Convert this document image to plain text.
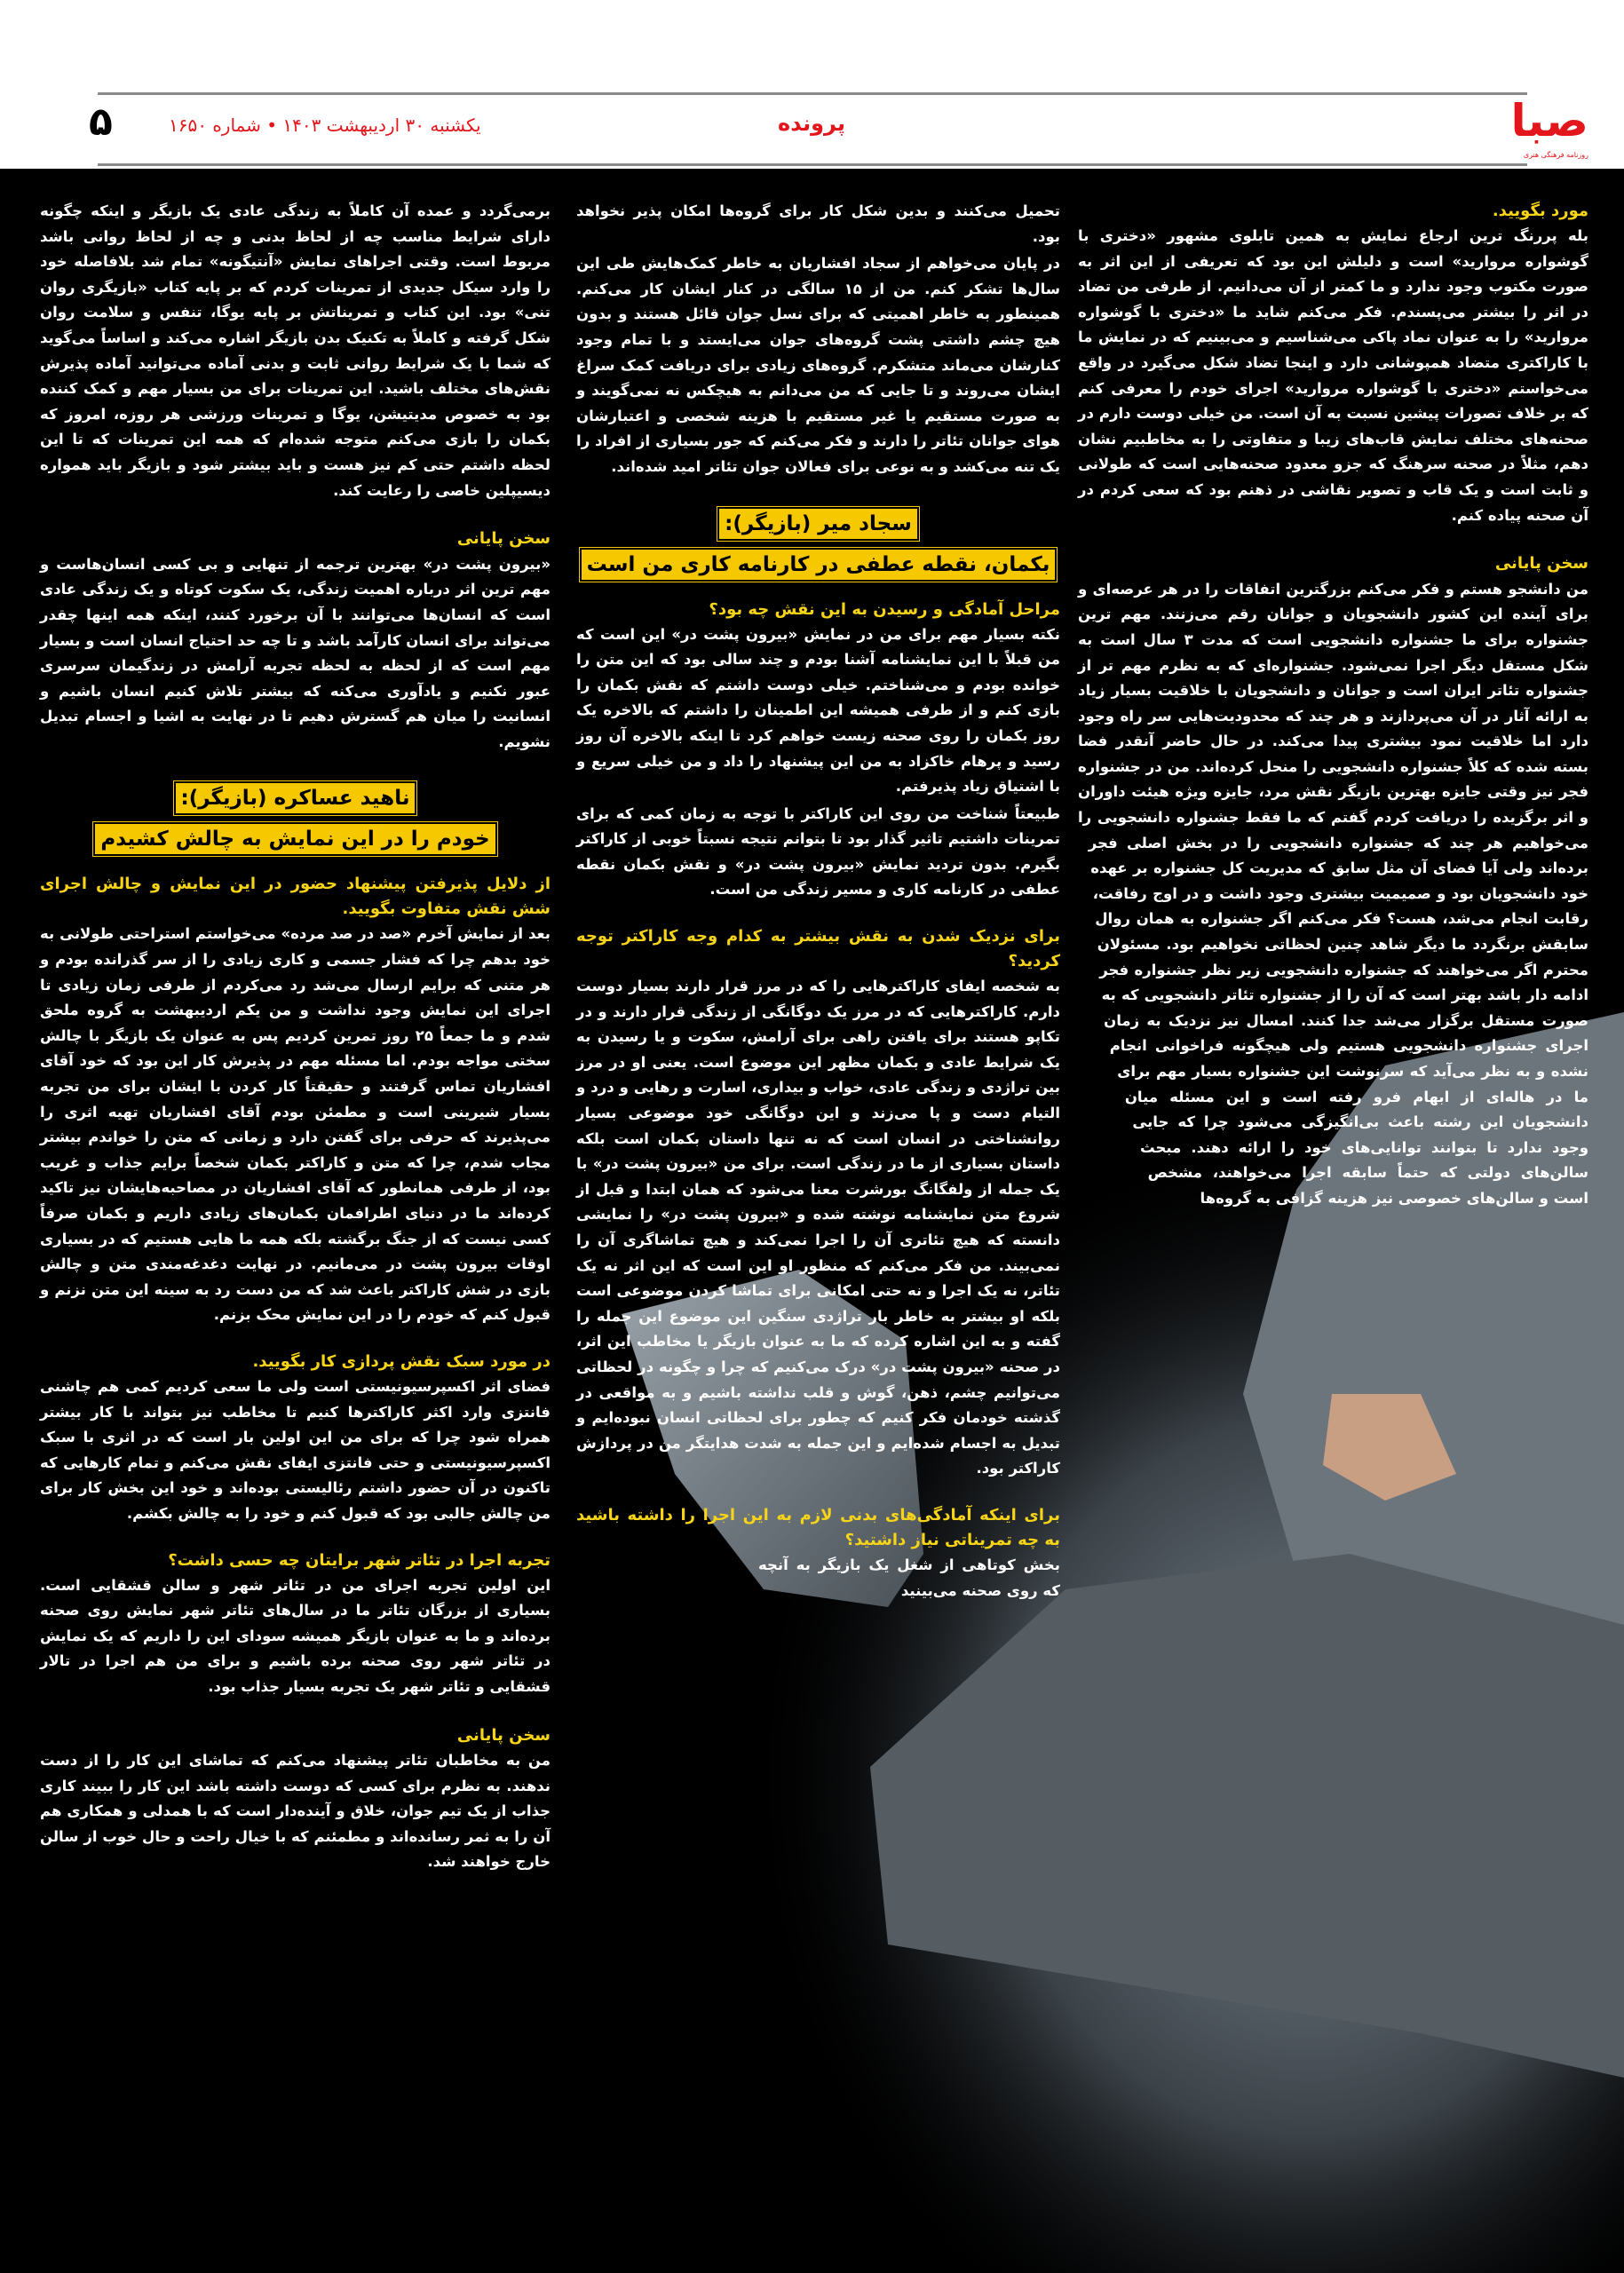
صبا
روزنامه فرهنگی هنری
پرونده
یکشنبه ۳۰ اردیبهشت ۱۴۰۳ • شماره ۱۶۵۰
۵
مورد بگویید.

بله پررنگ ترین ارجاع نمایش به همین تابلوی مشهور «دختری با گوشواره مروارید» است و دلیلش این بود که تعریفی از این اثر به صورت مکتوب وجود ندارد و ما کمتر از آن می‌دانیم. از طرفی من تضاد در اثر را بیشتر می‌پسندم. فکر می‌کنم شاید ما «دختری با گوشواره مروارید» را به عنوان نماد پاکی می‌شناسیم و می‌بینیم که در نمایش ما با کاراکتری متضاد همپوشانی دارد و اینجا تضاد شکل می‌گیرد در واقع می‌خواستم «دختری با گوشواره مروارید» اجرای خودم را معرفی کنم که بر خلاف تصورات پیشین نسبت به آن است. من خیلی دوست دارم در صحنه‌های مختلف نمایش قاب‌های زیبا و متفاوتی را به مخاطبیم نشان دهم، مثلاً در صحنه سرهنگ که جزو معدود صحنه‌هایی است که طولانی و ثابت است و یک قاب و تصویر نقاشی در ذهنم بود که سعی کردم در آن صحنه پیاده کنم.

سخن پایانی

من دانشجو هستم و فکر می‌کنم بزرگترین اتفاقات را در هر عرصه‌ای و برای آینده این کشور دانشجویان و جوانان رقم می‌زنند. مهم ترین جشنواره برای ما جشنواره دانشجویی است که مدت ۳ سال است به شکل مستقل دیگر اجرا نمی‌شود. جشنواره‌ای که به نظرم مهم تر از جشنواره تئاتر ایران است و جوانان و دانشجویان با خلاقیت بسیار زیاد به ارائه آثار در آن می‌پردازند و هر چند که محدودیت‌هایی سر راه وجود دارد اما خلاقیت نمود بیشتری پیدا می‌کند. در حال حاضر آنقدر فضا بسته شده که کلاً جشنواره دانشجویی را منحل کرده‌اند. من در جشنواره فجر نیز وقتی جایزه بهترین بازیگر نقش مرد، جایزه ویژه هیئت داوران و اثر برگزیده را دریافت کردم گفتم که ما فقط جشنواره دانشجویی را می‌خواهیم هر چند که جشنواره دانشجویی را در بخش اصلی فجر برده‌اند ولی آیا فضای آن مثل سابق که مدیریت کل جشنواره بر عهده خود دانشجویان بود و صمیمیت بیشتری وجود داشت و در اوج رفاقت، رقابت انجام می‌شد، هست؟ فکر می‌کنم اگر جشنواره به همان روال سابقش برنگردد ما دیگر شاهد چنین لحظاتی نخواهیم بود. مسئولان محترم اگر می‌خواهند که جشنواره دانشجویی زیر نظر جشنواره فجر ادامه دار باشد بهتر است که آن را از جشنواره تئاتر دانشجویی که به صورت مستقل برگزار می‌شد جدا کنند. امسال نیز نزدیک به زمان اجرای جشنواره دانشجویی هستیم ولی هیچگونه فراخوانی انجام نشده و به نظر می‌آید که سرنوشت این جشنواره بسیار مهم برای ما در هاله‌ای از ابهام فرو رفته است و این مسئله میان دانشجویان این رشته باعث بی‌انگیزگی می‌شود چرا که جایی وجود ندارد تا بتوانند توانایی‌های خود را ارائه دهند. مبحث سالن‌های دولتی که حتماً سابقه اجرا می‌خواهند، مشخص است و سالن‌های خصوصی نیز هزینه گزافی به گروه‌ها

تحمیل می‌کنند و بدین شکل کار برای گروه‌ها امکان پذیر نخواهد بود.

در پایان می‌خواهم از سجاد افشاریان به خاطر کمک‌هایش طی این سال‌ها تشکر کنم. من از ۱۵ سالگی در کنار ایشان کار می‌کنم. همینطور به خاطر اهمیتی که برای نسل جوان قائل هستند و بدون هیچ چشم داشتی پشت گروه‌های جوان می‌ایستد و با تمام وجود کنارشان می‌ماند متشکرم. گروه‌های زیادی برای دریافت کمک سراغ ایشان می‌روند و تا جایی که من می‌دانم به هیچکس نه نمی‌گویند و به صورت مستقیم یا غیر مستقیم با هزینه شخصی و اعتبارشان هوای جوانان تئاتر را دارند و فکر می‌کنم که جور بسیاری از افراد را یک تنه می‌کشد و به نوعی برای فعالان جوان تئاتر امید شده‌اند.

سجاد میر (بازیگر):
بکمان، نقطه عطفی در کارنامه کاری من است
مراحل آمادگی و رسیدن به این نقش چه بود؟

نکته بسیار مهم برای من در نمایش «بیرون پشت در» این است که من قبلاً با این نمایشنامه آشنا بودم و چند سالی بود که این متن را خوانده بودم و می‌شناختم. خیلی دوست داشتم که نقش بکمان را بازی کنم و از طرفی همیشه این اطمینان را داشتم که بالاخره یک روز بکمان را روی صحنه زیست خواهم کرد تا اینکه بالاخره آن روز رسید و پرهام خاکزاد به من این پیشنهاد را داد و من خیلی سریع و با اشتیاق زیاد پذیرفتم.

طبیعتاً شناخت من روی این کاراکتر با توجه به زمان کمی که برای تمرینات داشتیم تاثیر گذار بود تا بتوانم نتیجه نسبتاً خوبی از کاراکتر بگیرم. بدون تردید نمایش «بیرون پشت در» و نقش بکمان نقطه عطفی در کارنامه کاری و مسیر زندگی من است.

برای نزدیک شدن به نقش بیشتر به کدام وجه کاراکتر توجه کردید؟

به شخصه ایفای کاراکترهایی را که در مرز قرار دارند بسیار دوست دارم. کاراکترهایی که در مرز یک دوگانگی از زندگی قرار دارند و در تکاپو هستند برای یافتن راهی برای آرامش، سکوت و یا رسیدن به یک شرایط عادی و بکمان مظهر این موضوع است. یعنی او در مرز بین تراژدی و زندگی عادی، خواب و بیداری، اسارت و رهایی و درد و التیام دست و پا می‌زند و این دوگانگی خود موضوعی بسیار روانشناختی در انسان است که نه تنها داستان بکمان است بلکه داستان بسیاری از ما در زندگی است. برای من «بیرون پشت در» با یک جمله از ولفگانگ بورشرت معنا می‌شود که همان ابتدا و قبل از شروع متن نمایشنامه نوشته شده و «بیرون پشت در» را نمایشی دانسته که هیچ تئاتری آن را اجرا نمی‌کند و هیچ تماشاگری آن را نمی‌بیند. من فکر می‌کنم که منظور او این است که این اثر نه یک تئاتر، نه یک اجرا و نه حتی امکانی برای تماشا کردن موضوعی است بلکه او بیشتر به خاطر بار تراژدی سنگین این موضوع این جمله را گفته و به این اشاره کرده که ما به عنوان بازیگر یا مخاطب این اثر، در صحنه «بیرون پشت در» درک می‌کنیم که چرا و چگونه در لحظاتی می‌توانیم چشم، ذهن، گوش و قلب نداشته باشیم و به مواقعی در گذشته خودمان فکر کنیم که چطور برای لحظاتی انسان نبوده‌ایم و تبدیل به اجسام شده‌ایم و این جمله به شدت هدایتگر من در پردازش کاراکتر بود.

برای اینکه آمادگی‌های بدنی لازم به این اجرا را داشته باشید به چه تمریناتی نیاز داشتید؟

بخش کوتاهی از شغل یک بازیگر به آنچه که روی صحنه می‌بینید

برمی‌گردد و عمده آن کاملاً به زندگی عادی یک بازیگر و اینکه چگونه دارای شرایط مناسب چه از لحاظ بدنی و چه از لحاظ روانی باشد مربوط است. وقتی اجراهای نمایش «آنتیگونه» تمام شد بلافاصله خود را وارد سیکل جدیدی از تمرینات کردم که بر پایه کتاب «بازیگری روان تنی» بود. این کتاب و تمریناتش بر پایه یوگا، تنفس و سلامت روان شکل گرفته و کاملاً به تکنیک بدن بازیگر اشاره می‌کند و اساساً می‌گوید که شما با یک شرایط روانی ثابت و بدنی آماده می‌توانید آماده پذیرش نقش‌های مختلف باشید. این تمرینات برای من بسیار مهم و کمک کننده بود به خصوص مدیتیشن، یوگا و تمرینات ورزشی هر روزه، امروز که بکمان را بازی می‌کنم متوجه شده‌ام که همه این تمرینات که تا این لحظه داشتم حتی کم نیز هست و باید بیشتر شود و بازیگر باید همواره دیسیپلین خاصی را رعایت کند.

سخن پایانی

«بیرون پشت در» بهترین ترجمه از تنهایی و بی کسی انسان‌هاست و مهم ترین اثر درباره اهمیت زندگی، یک سکوت کوتاه و یک زندگی عادی است که انسان‌ها می‌توانند با آن برخورد کنند، اینکه همه اینها چقدر می‌تواند برای انسان کارآمد باشد و تا چه حد احتیاج انسان است و بسیار مهم است که از لحظه به لحظه تجربه آرامش در زندگیمان سرسری عبور نکنیم و یادآوری می‌کنه که بیشتر تلاش کنیم انسان باشیم و انسانیت را میان هم گسترش دهیم تا در نهایت به اشیا و اجسام تبدیل نشویم.

ناهید عساکره (بازیگر):
خودم را در این نمایش به چالش کشیدم
از دلایل پذیرفتن پیشنهاد حضور در این نمایش و چالش اجرای شش نقش متفاوت بگویید.

بعد از نمایش آخرم «صد در صد مرده» می‌خواستم استراحتی طولانی به خود بدهم چرا که فشار جسمی و کاری زیادی را از سر گذرانده بودم و هر متنی که برایم ارسال می‌شد رد می‌کردم از طرفی زمان زیادی تا اجرای این نمایش وجود نداشت و من یکم اردیبهشت به گروه ملحق شدم و ما جمعاً ۲۵ روز تمرین کردیم پس به عنوان یک بازیگر با چالش سختی مواجه بودم. اما مسئله مهم در پذیرش کار این بود که خود آقای افشاریان تماس گرفتند و حقیقتاً کار کردن با ایشان برای من تجربه بسیار شیرینی است و مطمئن بودم آقای افشاریان تهیه اثری را می‌پذیرند که حرفی برای گفتن دارد و زمانی که متن را خواندم بیشتر مجاب شدم، چرا که متن و کاراکتر بکمان شخصاً برایم جذاب و غریب بود، از طرفی همانطور که آقای افشاریان در مصاحبه‌هایشان نیز تاکید کرده‌اند ما در دنیای اطرافمان بکمان‌های زیادی داریم و بکمان صرفاً کسی نیست که از جنگ برگشته بلکه همه ما هایی هستیم که در بسیاری اوقات بیرون پشت در می‌مانیم. در نهایت دغدغه‌مندی متن و چالش بازی در شش کاراکتر باعث شد که من دست رد به سینه این متن نزنم و قبول کنم که خودم را در این نمایش محک بزنم.

در مورد سبک نقش پردازی کار بگویید.

فضای اثر اکسپرسیونیستی است ولی ما سعی کردیم کمی هم چاشنی فانتزی وارد اکثر کاراکترها کنیم تا مخاطب نیز بتواند با کار بیشتر همراه شود چرا که برای من این اولین بار است که در اثری با سبک اکسپرسیونیستی و حتی فانتزی ایفای نقش می‌کنم و تمام کارهایی که تاکنون در آن حضور داشتم رئالیستی بوده‌اند و خود این بخش کار برای من چالش جالبی بود که قبول کنم و خود را به چالش بکشم.

تجربه اجرا در تئاتر شهر برایتان چه حسی داشت؟

این اولین تجربه اجرای من در تئاتر شهر و سالن قشقایی است. بسیاری از بزرگان تئاتر ما در سال‌های تئاتر شهر نمایش روی صحنه برده‌اند و ما به عنوان بازیگر همیشه سودای این را داریم که یک نمایش در تئاتر شهر روی صحنه برده باشیم و برای من هم اجرا در تالار قشقایی و تئاتر شهر یک تجربه بسیار جذاب بود.

سخن پایانی

من به مخاطبان تئاتر پیشنهاد می‌کنم که تماشای این کار را از دست ندهند. به نظرم برای کسی که دوست داشته باشد این کار را ببیند کاری جذاب از یک تیم جوان، خلاق و آینده‌دار است که با همدلی و همکاری هم آن را به ثمر رسانده‌اند و مطمئنم که با خیال راحت و حال خوب از سالن خارج خواهند شد.
